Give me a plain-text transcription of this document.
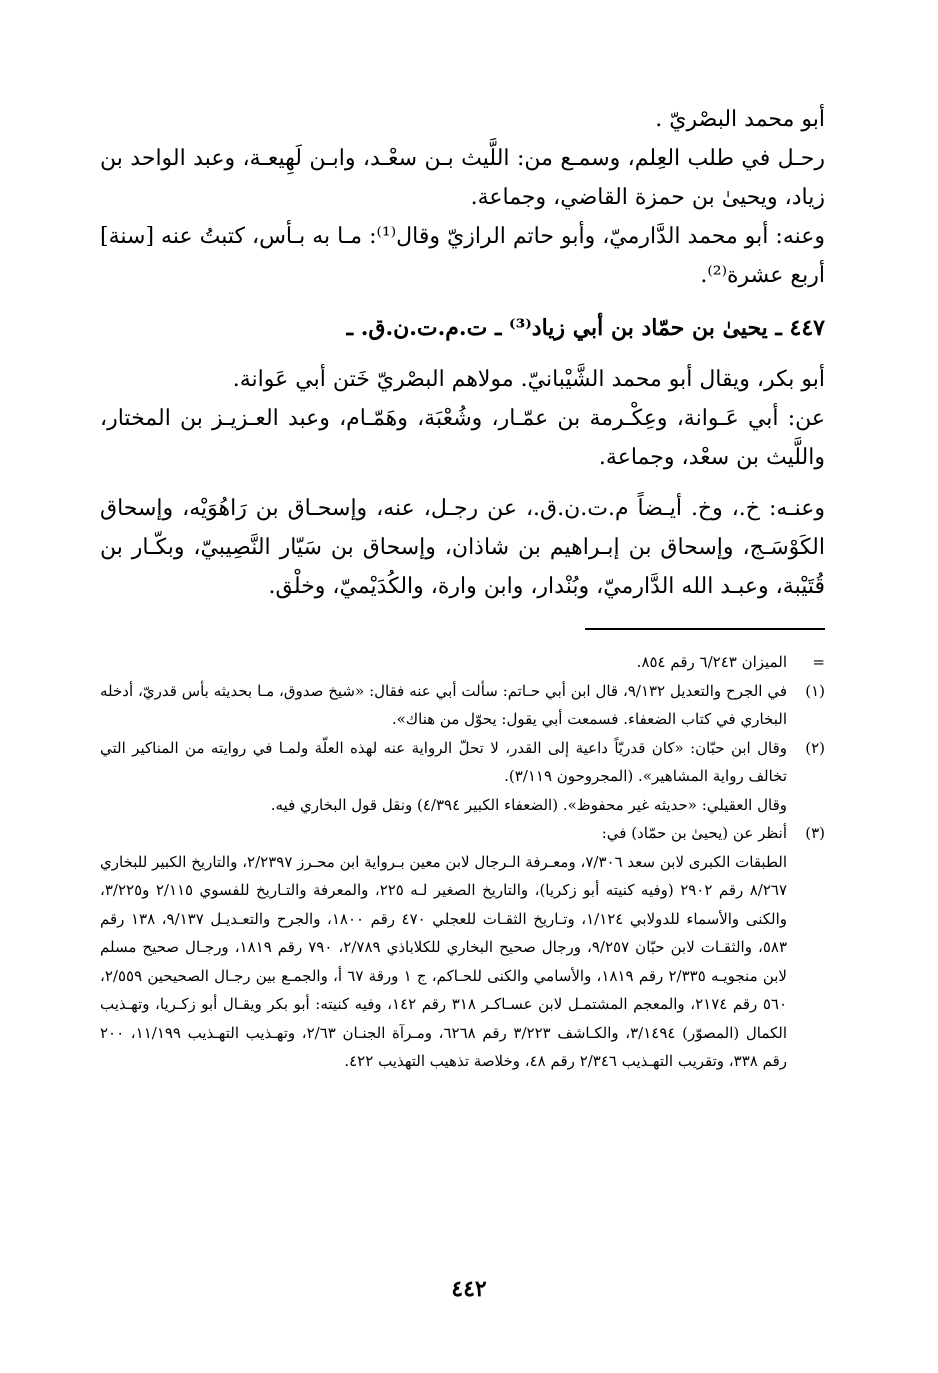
أبو محمد البصْريّ .

رحـل في طلب العِلم، وسمـع من: اللَّيث بـن سعْـد، وابـن لَهِيعـة، وعبد الواحد بن زياد، ويحيىٰ بن حمزة القاضي، وجماعة.

وعنه: أبو محمد الدَّارميّ، وأبو حاتم الرازيّ وقال⁽¹⁾: مـا به بـأس، كتبتُ عنه [سنة] أربع عشرة⁽²⁾.

٤٤٧ ـ يحيىٰ بن حمّاد بن أبي زياد⁽³⁾ ـ ت.م.ت.ن.ق. ـ

أبو بكر، ويقال أبو محمد الشَّيْبانيّ. مولاهم البصْريّ خَتن أبي عَوانة.

عن: أبي عَـوانة، وعِكْـرمة بن عمّـار، وشُعْبَة، وهَمّـام، وعبد العـزيـز بن المختار، واللَّيث بن سعْد، وجماعة.

وعنـه: خ.، وخ. أيـضاً م.ت.ن.ق.، عن رجـل، عنه، وإسحـاق بن رَاهُوَيْه، وإسحاق الكَوْسَـج، وإسحاق بن إبـراهيم بن شاذان، وإسحاق بن سَيّار النَّصِيبيّ، وبكّـار بن قُتَيْبة، وعبـد الله الدَّارميّ، وبُنْدار، وابن وارة، والكُدَيْميّ، وخلْق.

=

الميزان ٦/٢٤٣ رقم ٨٥٤.

(١)

في الجرح والتعديل ٩/١٣٢، قال ابن أبي حـاتم: سألت أبي عنه فقال: «شيخ صدوق، مـا بحديثه بأس قدريّ، أدخله البخاري في كتاب الضعفاء. فسمعت أبي يقول: يحوّل من هناك».

(٢)

وقال ابن حبّان: «كان قدريّاً داعية إلى القدر، لا تحلّ الرواية عنه لهذه العلّة ولمـا في روايته من المناكير التي تخالف رواية المشاهير». (المجروحون ٣/١١٩).

وقال العقيلي: «حديثه غير محفوظ». (الضعفاء الكبير ٤/٣٩٤) ونقل قول البخاري فيه.

(٣)

أنظر عن (يحيىٰ بن حمّاد) في:

الطبقات الكبرى لابن سعد ٧/٣٠٦، ومعـرفة الـرجال لابن معين بـرواية ابن محـرز ٢/٢٣٩٧، والتاريخ الكبير للبخاري ٨/٢٦٧ رقم ٢٩٠٢ (وفيه كنيته أبو زكريا)، والتاريخ الصغير لـه ٢٢٥، والمعرفة والتـاريخ للفسوي ٢/١١٥ و٣/٢٢٥، والكنى والأسماء للدولابي ١/١٢٤، وتـاريخ الثقـات للعجلي ٤٧٠ رقم ١٨٠٠، والجرح والتعـديـل ٩/١٣٧، ١٣٨ رقم ٥٨٣، والثقـات لابن حبّان ٩/٢٥٧، ورجال صحيح البخاري للكلاباذي ٢/٧٨٩، ٧٩٠ رقم ١٨١٩، ورجـال صحيح مسلم لابن منجويـه ٢/٣٣٥ رقم ١٨١٩، والأسامي والكنى للحـاكم، ج ١ ورقة ٦٧ أ، والجمـع بين رجـال الصحيحين ٢/٥٥٩، ٥٦٠ رقم ٢١٧٤، والمعجم المشتمـل لابن عسـاكـر ٣١٨ رقم ١٤٢، وفيه كنيته: أبو بكر ويقـال أبو زكـريا، وتهـذيب الكمال (المصوّر) ٣/١٤٩٤، والكـاشف ٣/٢٢٣ رقم ٦٢٦٨، ومـرآة الجنـان ٢/٦٣، وتهـذيب التهـذيب ١١/١٩٩، ٢٠٠ رقم ٣٣٨، وتقريب التهـذيب ٢/٣٤٦ رقم ٤٨، وخلاصة تذهيب التهذيب ٤٢٢.

٤٤٢
